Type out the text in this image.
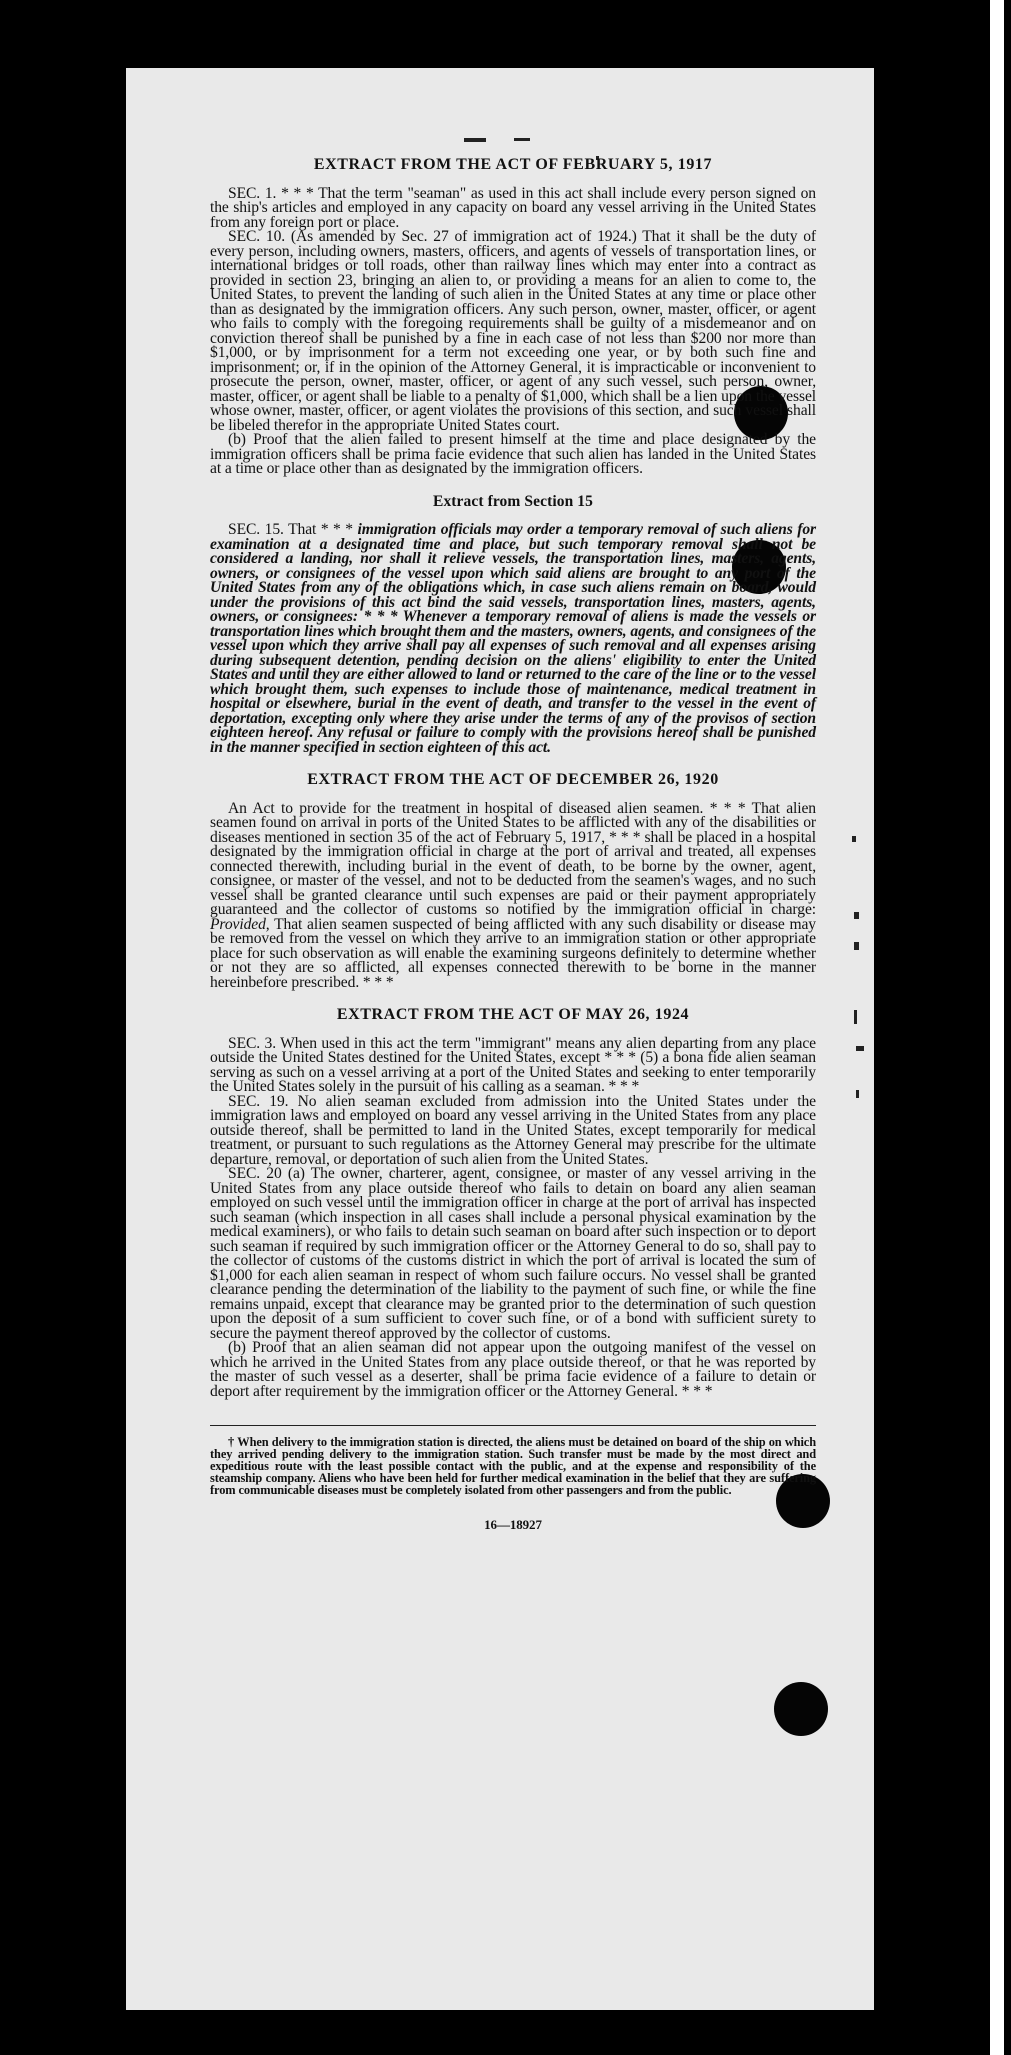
EXTRACT FROM THE ACT OF FEBRUARY 5, 1917

SEC. 1. * * * That the term "seaman" as used in this act shall include every person signed on the ship's articles and employed in any capacity on board any vessel arriving in the United States from any foreign port or place.

SEC. 10. (As amended by Sec. 27 of immigration act of 1924.) That it shall be the duty of every person, including owners, masters, officers, and agents of vessels of transportation lines, or international bridges or toll roads, other than railway lines which may enter into a contract as provided in section 23, bringing an alien to, or providing a means for an alien to come to, the United States, to prevent the landing of such alien in the United States at any time or place other than as designated by the immigration officers. Any such person, owner, master, officer, or agent who fails to comply with the foregoing requirements shall be guilty of a misdemeanor and on conviction thereof shall be punished by a fine in each case of not less than $200 nor more than $1,000, or by imprisonment for a term not exceeding one year, or by both such fine and imprisonment; or, if in the opinion of the Attorney General, it is impracticable or inconvenient to prosecute the person, owner, master, officer, or agent of any such vessel, such person, owner, master, officer, or agent shall be liable to a penalty of $1,000, which shall be a lien upon the vessel whose owner, master, officer, or agent violates the provisions of this section, and such vessel shall be libeled therefor in the appropriate United States court.

(b) Proof that the alien failed to present himself at the time and place designated by the immigration officers shall be prima facie evidence that such alien has landed in the United States at a time or place other than as designated by the immigration officers.

Extract from Section 15

SEC. 15. That * * * immigration officials may order a temporary removal of such aliens for examination at a designated time and place, but such temporary removal shall not be considered a landing, nor shall it relieve vessels, the transportation lines, masters, agents, owners, or consignees of the vessel upon which said aliens are brought to any port of the United States from any of the obligations which, in case such aliens remain on board, would under the provisions of this act bind the said vessels, transportation lines, masters, agents, owners, or consignees: * * * Whenever a temporary removal of aliens is made the vessels or transportation lines which brought them and the masters, owners, agents, and consignees of the vessel upon which they arrive shall pay all expenses of such removal and all expenses arising during subsequent detention, pending decision on the aliens' eligibility to enter the United States and until they are either allowed to land or returned to the care of the line or to the vessel which brought them, such expenses to include those of maintenance, medical treatment in hospital or elsewhere, burial in the event of death, and transfer to the vessel in the event of deportation, excepting only where they arise under the terms of any of the provisos of section eighteen hereof. Any refusal or failure to comply with the provisions hereof shall be punished in the manner specified in section eighteen of this act.

EXTRACT FROM THE ACT OF DECEMBER 26, 1920

An Act to provide for the treatment in hospital of diseased alien seamen. * * * That alien seamen found on arrival in ports of the United States to be afflicted with any of the disabilities or diseases mentioned in section 35 of the act of February 5, 1917, * * * shall be placed in a hospital designated by the immigration official in charge at the port of arrival and treated, all expenses connected therewith, including burial in the event of death, to be borne by the owner, agent, consignee, or master of the vessel, and not to be deducted from the seamen's wages, and no such vessel shall be granted clearance until such expenses are paid or their payment appropriately guaranteed and the collector of customs so notified by the immigration official in charge: Provided, That alien seamen suspected of being afflicted with any such disability or disease may be removed from the vessel on which they arrive to an immigration station or other appropriate place for such observation as will enable the examining surgeons definitely to determine whether or not they are so afflicted, all expenses connected therewith to be borne in the manner hereinbefore prescribed. * * *

EXTRACT FROM THE ACT OF MAY 26, 1924

SEC. 3. When used in this act the term "immigrant" means any alien departing from any place outside the United States destined for the United States, except * * * (5) a bona fide alien seaman serving as such on a vessel arriving at a port of the United States and seeking to enter temporarily the United States solely in the pursuit of his calling as a seaman. * * *

SEC. 19. No alien seaman excluded from admission into the United States under the immigration laws and employed on board any vessel arriving in the United States from any place outside thereof, shall be permitted to land in the United States, except temporarily for medical treatment, or pursuant to such regulations as the Attorney General may prescribe for the ultimate departure, removal, or deportation of such alien from the United States.

SEC. 20 (a) The owner, charterer, agent, consignee, or master of any vessel arriving in the United States from any place outside thereof who fails to detain on board any alien seaman employed on such vessel until the immigration officer in charge at the port of arrival has inspected such seaman (which inspection in all cases shall include a personal physical examination by the medical examiners), or who fails to detain such seaman on board after such inspection or to deport such seaman if required by such immigration officer or the Attorney General to do so, shall pay to the collector of customs of the customs district in which the port of arrival is located the sum of $1,000 for each alien seaman in respect of whom such failure occurs. No vessel shall be granted clearance pending the determination of the liability to the payment of such fine, or while the fine remains unpaid, except that clearance may be granted prior to the determination of such question upon the deposit of a sum sufficient to cover such fine, or of a bond with sufficient surety to secure the payment thereof approved by the collector of customs.

(b) Proof that an alien seaman did not appear upon the outgoing manifest of the vessel on which he arrived in the United States from any place outside thereof, or that he was reported by the master of such vessel as a deserter, shall be prima facie evidence of a failure to detain or deport after requirement by the immigration officer or the Attorney General. * * *

† When delivery to the immigration station is directed, the aliens must be detained on board of the ship on which they arrived pending delivery to the immigration station. Such transfer must be made by the most direct and expeditious route with the least possible contact with the public, and at the expense and responsibility of the steamship company. Aliens who have been held for further medical examination in the belief that they are suffering from communicable diseases must be completely isolated from other passengers and from the public.

16—18927
